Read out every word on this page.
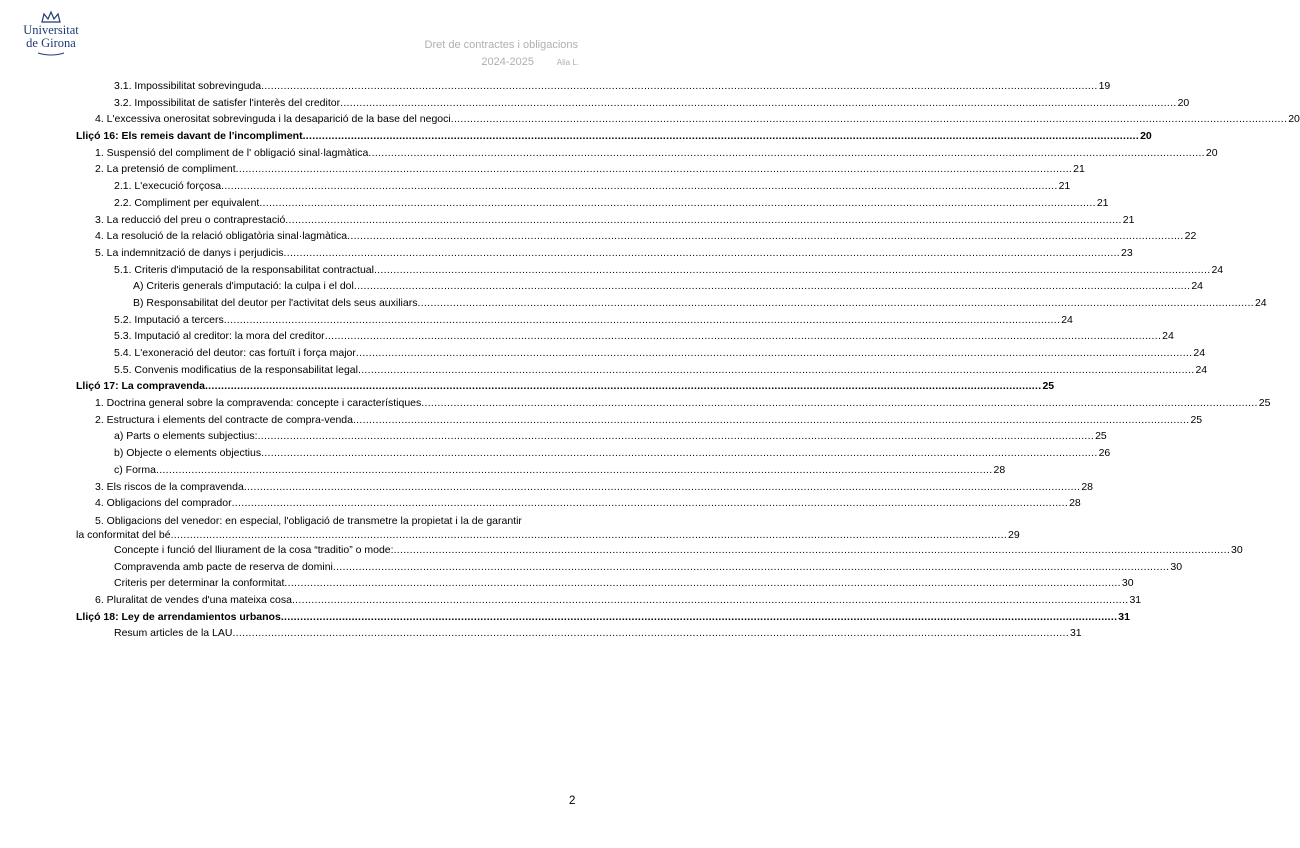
Universitat
de Girona	Dret de contractes i obligacions
2024-2025	Alia L.
3.1. Impossibilitat sobrevinguda .....	19
3.2. Impossibilitat de satisfer l'interès del creditor .....	20
4. L'excessiva onerositat sobrevinguda i la desaparició de la base del negoci .....	20
Lliçó 16: Els remeis davant de l'incompliment .....	20
1. Suspensió del compliment de l' obligació sinal·lagmàtica .....	20
2. La pretensió de compliment .....	21
2.1. L'execució forçosa .....	21
2.2. Compliment per equivalent .....	21
3. La reducció del preu o contraprestació .....	21
4. La resolució de la relació obligatòria sinal·lagmàtica .....	22
5. La indemnització de danys i perjudicis .....	23
5.1. Criteris d'imputació de la responsabilitat contractual .....	24
A) Criteris generals d'imputació: la culpa i el dol .....	24
B) Responsabilitat del deutor per l'activitat dels seus auxiliars .....	24
5.2. Imputació a tercers .....	24
5.3. Imputació al creditor: la mora del creditor .....	24
5.4. L'exoneració del deutor: cas fortuït i força major .....	24
5.5. Convenis modificatius de la responsabilitat legal .....	24
Lliçó 17: La compravenda .....	25
1. Doctrina general sobre la compravenda: concepte i característiques .....	25
2. Estructura i elements del contracte de compra-venda .....	25
a) Parts o elements subjectius: .....	25
b) Objecte o elements objectius .....	26
c) Forma .....	28
3. Els riscos de la compravenda .....	28
4. Obligacions del comprador .....	28
5. Obligacions del venedor: en especial, l'obligació de transmetre la propietat i la de garantir
la conformitat del bé .....	29
Concepte i funció del lliurament de la cosa “traditio” o mode: .....	30
Compravenda amb pacte de reserva de domini .....	30
Criteris per determinar la conformitat .....	30
6. Pluralitat de vendes d'una mateixa cosa .....	31
Lliçó 18: Ley de arrendamientos urbanos .....	31
Resum articles de la LAU .....	31
2
